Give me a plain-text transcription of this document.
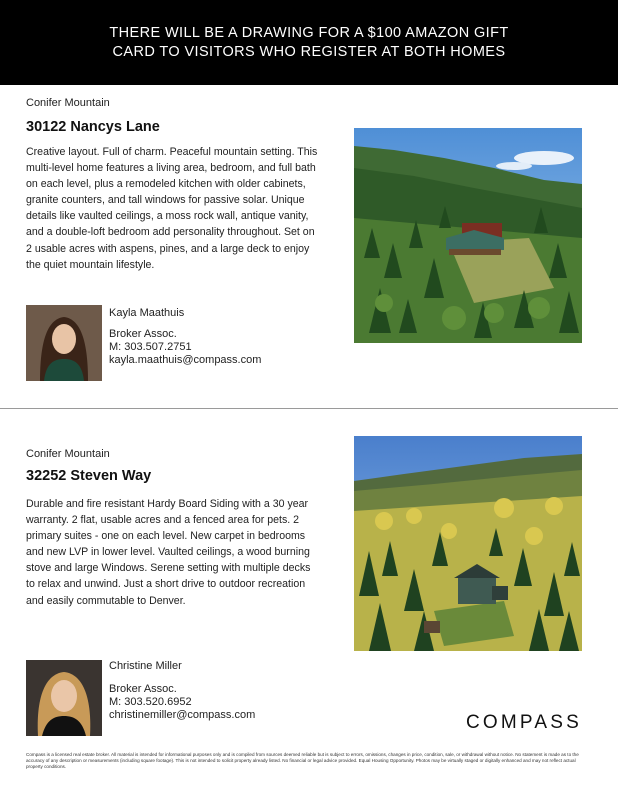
THERE WILL BE A DRAWING FOR A $100 AMAZON GIFT CARD TO VISITORS WHO REGISTER AT BOTH HOMES
Conifer Mountain
30122 Nancys Lane
Creative layout. Full of charm. Peaceful mountain setting. This multi-level home features a living area, bedroom, and full bath on each level, plus a remodeled kitchen with older cabinets, granite counters, and tall windows for passive solar. Unique details like vaulted ceilings, a moss rock wall, antique vanity, and a double-loft bedroom add personality throughout. Set on 2 usable acres with aspens, pines, and a large deck to enjoy the quiet mountain lifestyle.
Kayla Maathuis
Broker Assoc.
M: 303.507.2751
kayla.maathuis@compass.com
Conifer Mountain
32252 Steven Way
Durable and fire resistant Hardy Board Siding with a 30 year warranty. 2 flat, usable acres and a fenced area for pets. 2 primary suites - one on each level. New carpet in bedrooms and new LVP in lower level. Vaulted ceilings, a wood burning stove and large Windows. Serene setting with multiple decks to relax and unwind. Just a short drive to outdoor recreation and easily commutable to Denver.
Christine Miller
Broker Assoc.
M: 303.520.6952
christinemiller@compass.com	COMPASS
Compass is a licensed real estate broker. All material is intended for informational purposes only and is compiled from sources deemed reliable but is subject to errors, omissions, changes in price, condition, sale, or withdrawal without notice. No statement is made as to the accuracy of any description or measurements (including square footage). This is not intended to solicit property already listed. No financial or legal advice provided. Equal Housing Opportunity. Photos may be virtually staged or digitally enhanced and may not reflect actual property conditions.
